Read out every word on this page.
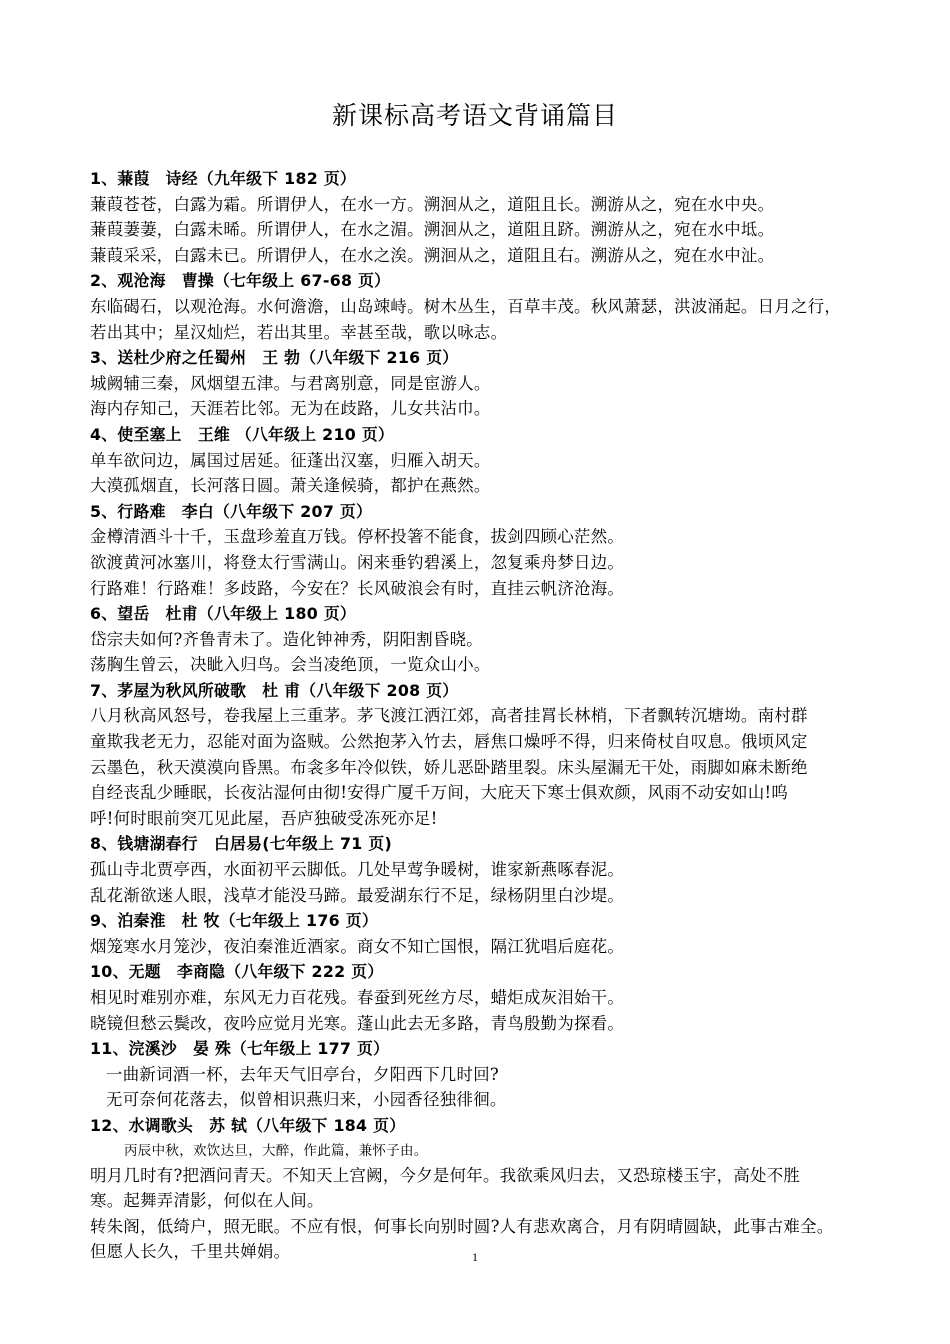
新课标高考语文背诵篇目
1、蒹葭　诗经（九年级下 182 页）
蒹葭苍苍，白露为霜。所谓伊人，在水一方。溯洄从之，道阻且长。溯游从之，宛在水中央。
蒹葭萋萋，白露未晞。所谓伊人，在水之湄。溯洄从之，道阻且跻。溯游从之，宛在水中坻。
蒹葭采采，白露未已。所谓伊人，在水之涘。溯洄从之，道阻且右。溯游从之，宛在水中沚。
2、观沧海　曹操（七年级上 67-68 页）
东临碣石，以观沧海。水何澹澹，山岛竦峙。树木丛生，百草丰茂。秋风萧瑟，洪波涌起。日月之行，
若出其中；星汉灿烂，若出其里。幸甚至哉，歌以咏志。
3、送杜少府之任蜀州　王 勃（八年级下 216 页）
城阙辅三秦，风烟望五津。与君离别意，同是宦游人。
海内存知己，天涯若比邻。无为在歧路，儿女共沾巾。
4、使至塞上　王维 （八年级上 210 页）
单车欲问边，属国过居延。征蓬出汉塞，归雁入胡天。
大漠孤烟直，长河落日圆。萧关逢候骑，都护在燕然。
5、行路难　李白（八年级下 207 页）
金樽清酒斗十千，玉盘珍羞直万钱。停杯投箸不能食，拔剑四顾心茫然。
欲渡黄河冰塞川，将登太行雪满山。闲来垂钓碧溪上，忽复乘舟梦日边。
行路难！行路难！多歧路，今安在？长风破浪会有时，直挂云帆济沧海。
6、望岳　杜甫（八年级上 180 页）
岱宗夫如何?齐鲁青未了。造化钟神秀，阴阳割昏晓。
荡胸生曾云，决眦入归鸟。会当凌绝顶，一览众山小。
7、茅屋为秋风所破歌　杜 甫（八年级下 208 页）
八月秋高风怒号，卷我屋上三重茅。茅飞渡江洒江郊，高者挂罥长林梢，下者飘转沉塘坳。南村群
童欺我老无力，忍能对面为盗贼。公然抱茅入竹去，唇焦口燥呼不得，归来倚杖自叹息。俄顷风定
云墨色，秋天漠漠向昏黑。布衾多年冷似铁，娇儿恶卧踏里裂。床头屋漏无干处，雨脚如麻未断绝
自经丧乱少睡眠，长夜沾湿何由彻!安得广厦千万间，大庇天下寒士俱欢颜，风雨不动安如山!呜
呼!何时眼前突兀见此屋，吾庐独破受冻死亦足!
8、钱塘湖春行　白居易(七年级上 71 页)
孤山寺北贾亭西，水面初平云脚低。几处早莺争暖树，谁家新燕啄春泥。
乱花渐欲迷人眼，浅草才能没马蹄。最爱湖东行不足，绿杨阴里白沙堤。
9、泊秦淮　杜 牧（七年级上 176 页）
烟笼寒水月笼沙，夜泊秦淮近酒家。商女不知亡国恨，隔江犹唱后庭花。
10、无题　李商隐（八年级下 222 页）
相见时难别亦难，东风无力百花残。春蚕到死丝方尽，蜡炬成灰泪始干。
晓镜但愁云鬓改，夜吟应觉月光寒。蓬山此去无多路，青鸟殷勤为探看。
11、浣溪沙　晏 殊（七年级上 177 页）
一曲新词酒一杯，去年天气旧亭台，夕阳西下几时回?
无可奈何花落去，似曾相识燕归来，小园香径独徘徊。
12、水调歌头　苏 轼（八年级下 184 页）
丙辰中秋，欢饮达旦，大醉，作此篇，兼怀子由。
明月几时有?把酒问青天。不知天上宫阙，今夕是何年。我欲乘风归去，又恐琼楼玉宇，高处不胜
寒。起舞弄清影，何似在人间。
转朱阁，低绮户，照无眠。不应有恨，何事长向别时圆?人有悲欢离合，月有阴晴圆缺，此事古难全。
但愿人长久，千里共婵娟。	1
